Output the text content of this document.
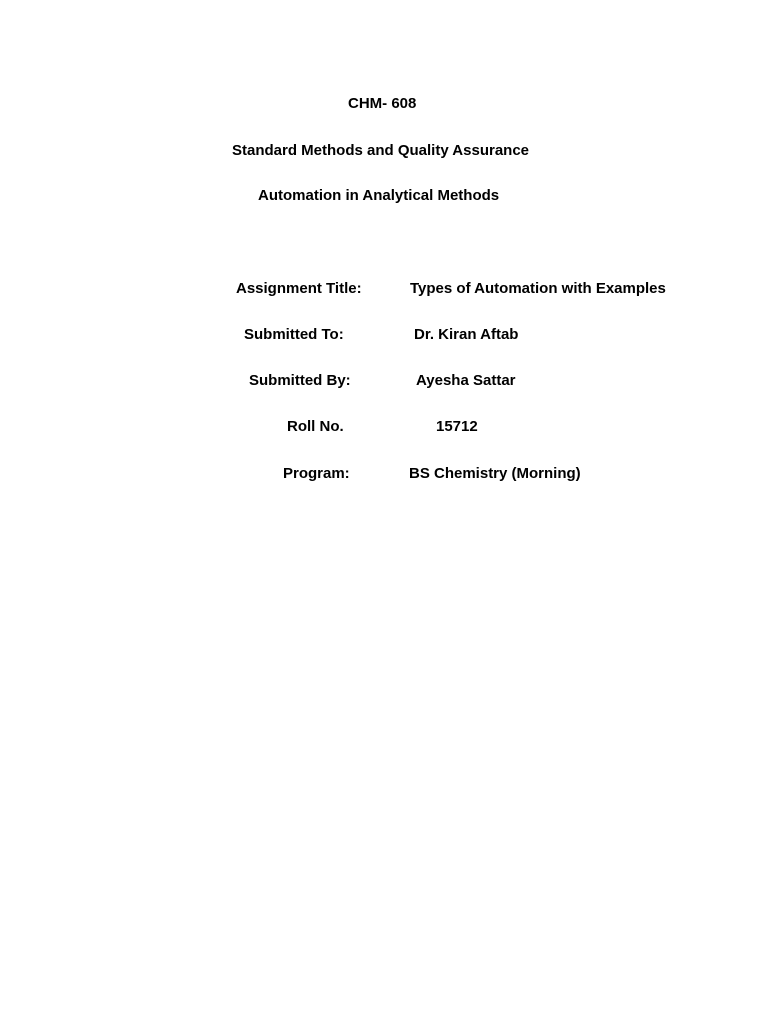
CHM- 608
Standard Methods and Quality Assurance
Automation in Analytical Methods
Assignment Title:	Types of Automation with Examples
Submitted To:	Dr. Kiran Aftab
Submitted By:	Ayesha Sattar
Roll No.	15712
Program:	BS Chemistry (Morning)
